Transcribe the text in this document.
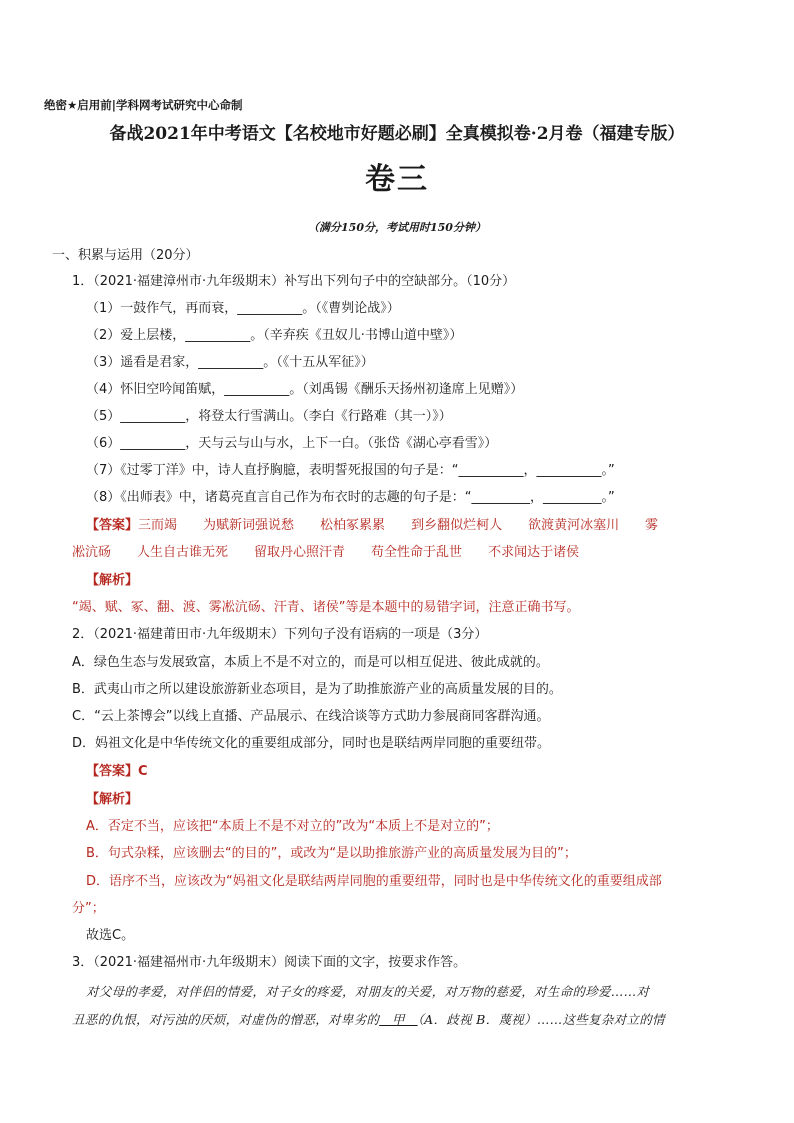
绝密★启用前|学科网考试研究中心命制
备战2021年中考语文【名校地市好题必刷】全真模拟卷·2月卷（福建专版）
卷三
（满分150分，考试用时150分钟）
一、积累与运用（20分）
1．（2021·福建漳州市·九年级期末）补写出下列句子中的空缺部分。（10分）
（1）一鼓作气，再而衰，__________。（《曹刿论战》）
（2）爱上层楼，__________。（辛弃疾《丑奴儿·书博山道中壁》）
（3）遥看是君家，__________。（《十五从军征》）
（4）怀旧空吟闻笛赋，__________。（刘禹锡《酬乐天扬州初逢席上见赠》）
（5）__________，将登太行雪满山。（李白《行路难（其一）》）
（6）__________，天与云与山与水，上下一白。（张岱《湖心亭看雪》）
（7）《过零丁洋》中，诗人直抒胸臆，表明誓死报国的句子是：“__________，__________。”
（8）《出师表》中，诸葛亮直言自己作为布衣时的志趣的句子是：“_________，_________。”
【答案】三而竭 为赋新词强说愁 松柏冢累累 到乡翻似烂柯人 欲渡黄河冰塞川 雾
凇沆砀 人生自古谁无死 留取丹心照汗青 苟全性命于乱世 不求闻达于诸侯
【解析】
“竭、赋、冢、翻、渡、雾凇沆砀、汗青、诸侯”等是本题中的易错字词，注意正确书写。
2．（2021·福建莆田市·九年级期末）下列句子没有语病的一项是（3分）
A．绿色生态与发展致富，本质上不是不对立的，而是可以相互促进、彼此成就的。
B．武夷山市之所以建设旅游新业态项目，是为了助推旅游产业的高质量发展的目的。
C．“云上茶博会”以线上直播、产品展示、在线洽谈等方式助力参展商同客群沟通。
D．妈祖文化是中华传统文化的重要组成部分，同时也是联结两岸同胞的重要纽带。
【答案】C
【解析】
A．否定不当，应该把“本质上不是不对立的”改为“本质上不是对立的”；
B．句式杂糅，应该删去“的目的”，或改为“是以助推旅游产业的高质量发展为目的”；
D．语序不当，应该改为“妈祖文化是联结两岸同胞的重要纽带，同时也是中华传统文化的重要组成部
分”；
故选C。
3．（2021·福建福州市·九年级期末）阅读下面的文字，按要求作答。
对父母的孝爱，对伴侣的情爱，对子女的疼爱，对朋友的关爱，对万物的慈爱，对生命的珍爱……对
丑恶的仇恨，对污浊的厌烦，对虚伪的憎恶，对卑劣的　甲　（A．歧视 B．蔑视）……这些复杂对立的情
